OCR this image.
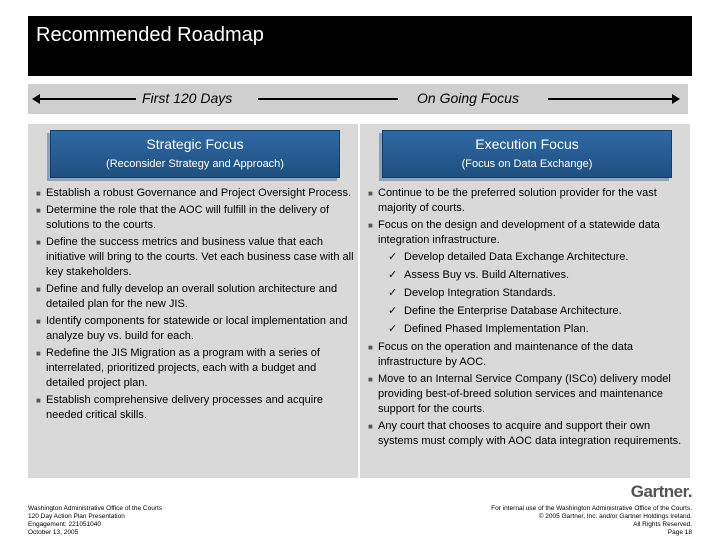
Recommended Roadmap
First 120 Days	On Going Focus
Strategic Focus
(Reconsider Strategy and Approach)
■ Establish a robust Governance and Project Oversight Process.
■ Determine the role that the AOC will fulfill in the delivery of solutions to the courts.
■ Define the success metrics and business value that each initiative will bring to the courts. Vet each business case with all key stakeholders.
■ Define and fully develop an overall solution architecture and detailed plan for the new JIS.
■ Identify components for statewide or local implementation and analyze buy vs. build for each.
■ Redefine the JIS Migration as a program with a series of interrelated, prioritized projects, each with a budget and detailed project plan.
■ Establish comprehensive delivery processes and acquire needed critical skills.
Execution Focus
(Focus on Data Exchange)
■ Continue to be the preferred solution provider for the vast majority of courts.
■ Focus on the design and development of a statewide data integration infrastructure.
✓ Develop detailed Data Exchange Architecture.
✓ Assess Buy vs. Build Alternatives.
✓ Develop Integration Standards.
✓ Define the Enterprise Database Architecture.
✓ Defined Phased Implementation Plan.
■ Focus on the operation and maintenance of the data infrastructure by AOC.
■ Move to an Internal Service Company (ISCo) delivery model providing best-of-breed solution services and maintenance support for the courts.
■ Any court that chooses to acquire and support their own systems must comply with AOC data integration requirements.
Washington Administrative Office of the Courts
120 Day Action Plan Presentation
Engagement: 221051040
October 13, 2005
Gartner.
For internal use of the Washington Administrative Office of the Courts.
© 2005 Gartner, Inc. and/or Gartner Holdings Ireland.
All Rights Reserved.
Page 18
